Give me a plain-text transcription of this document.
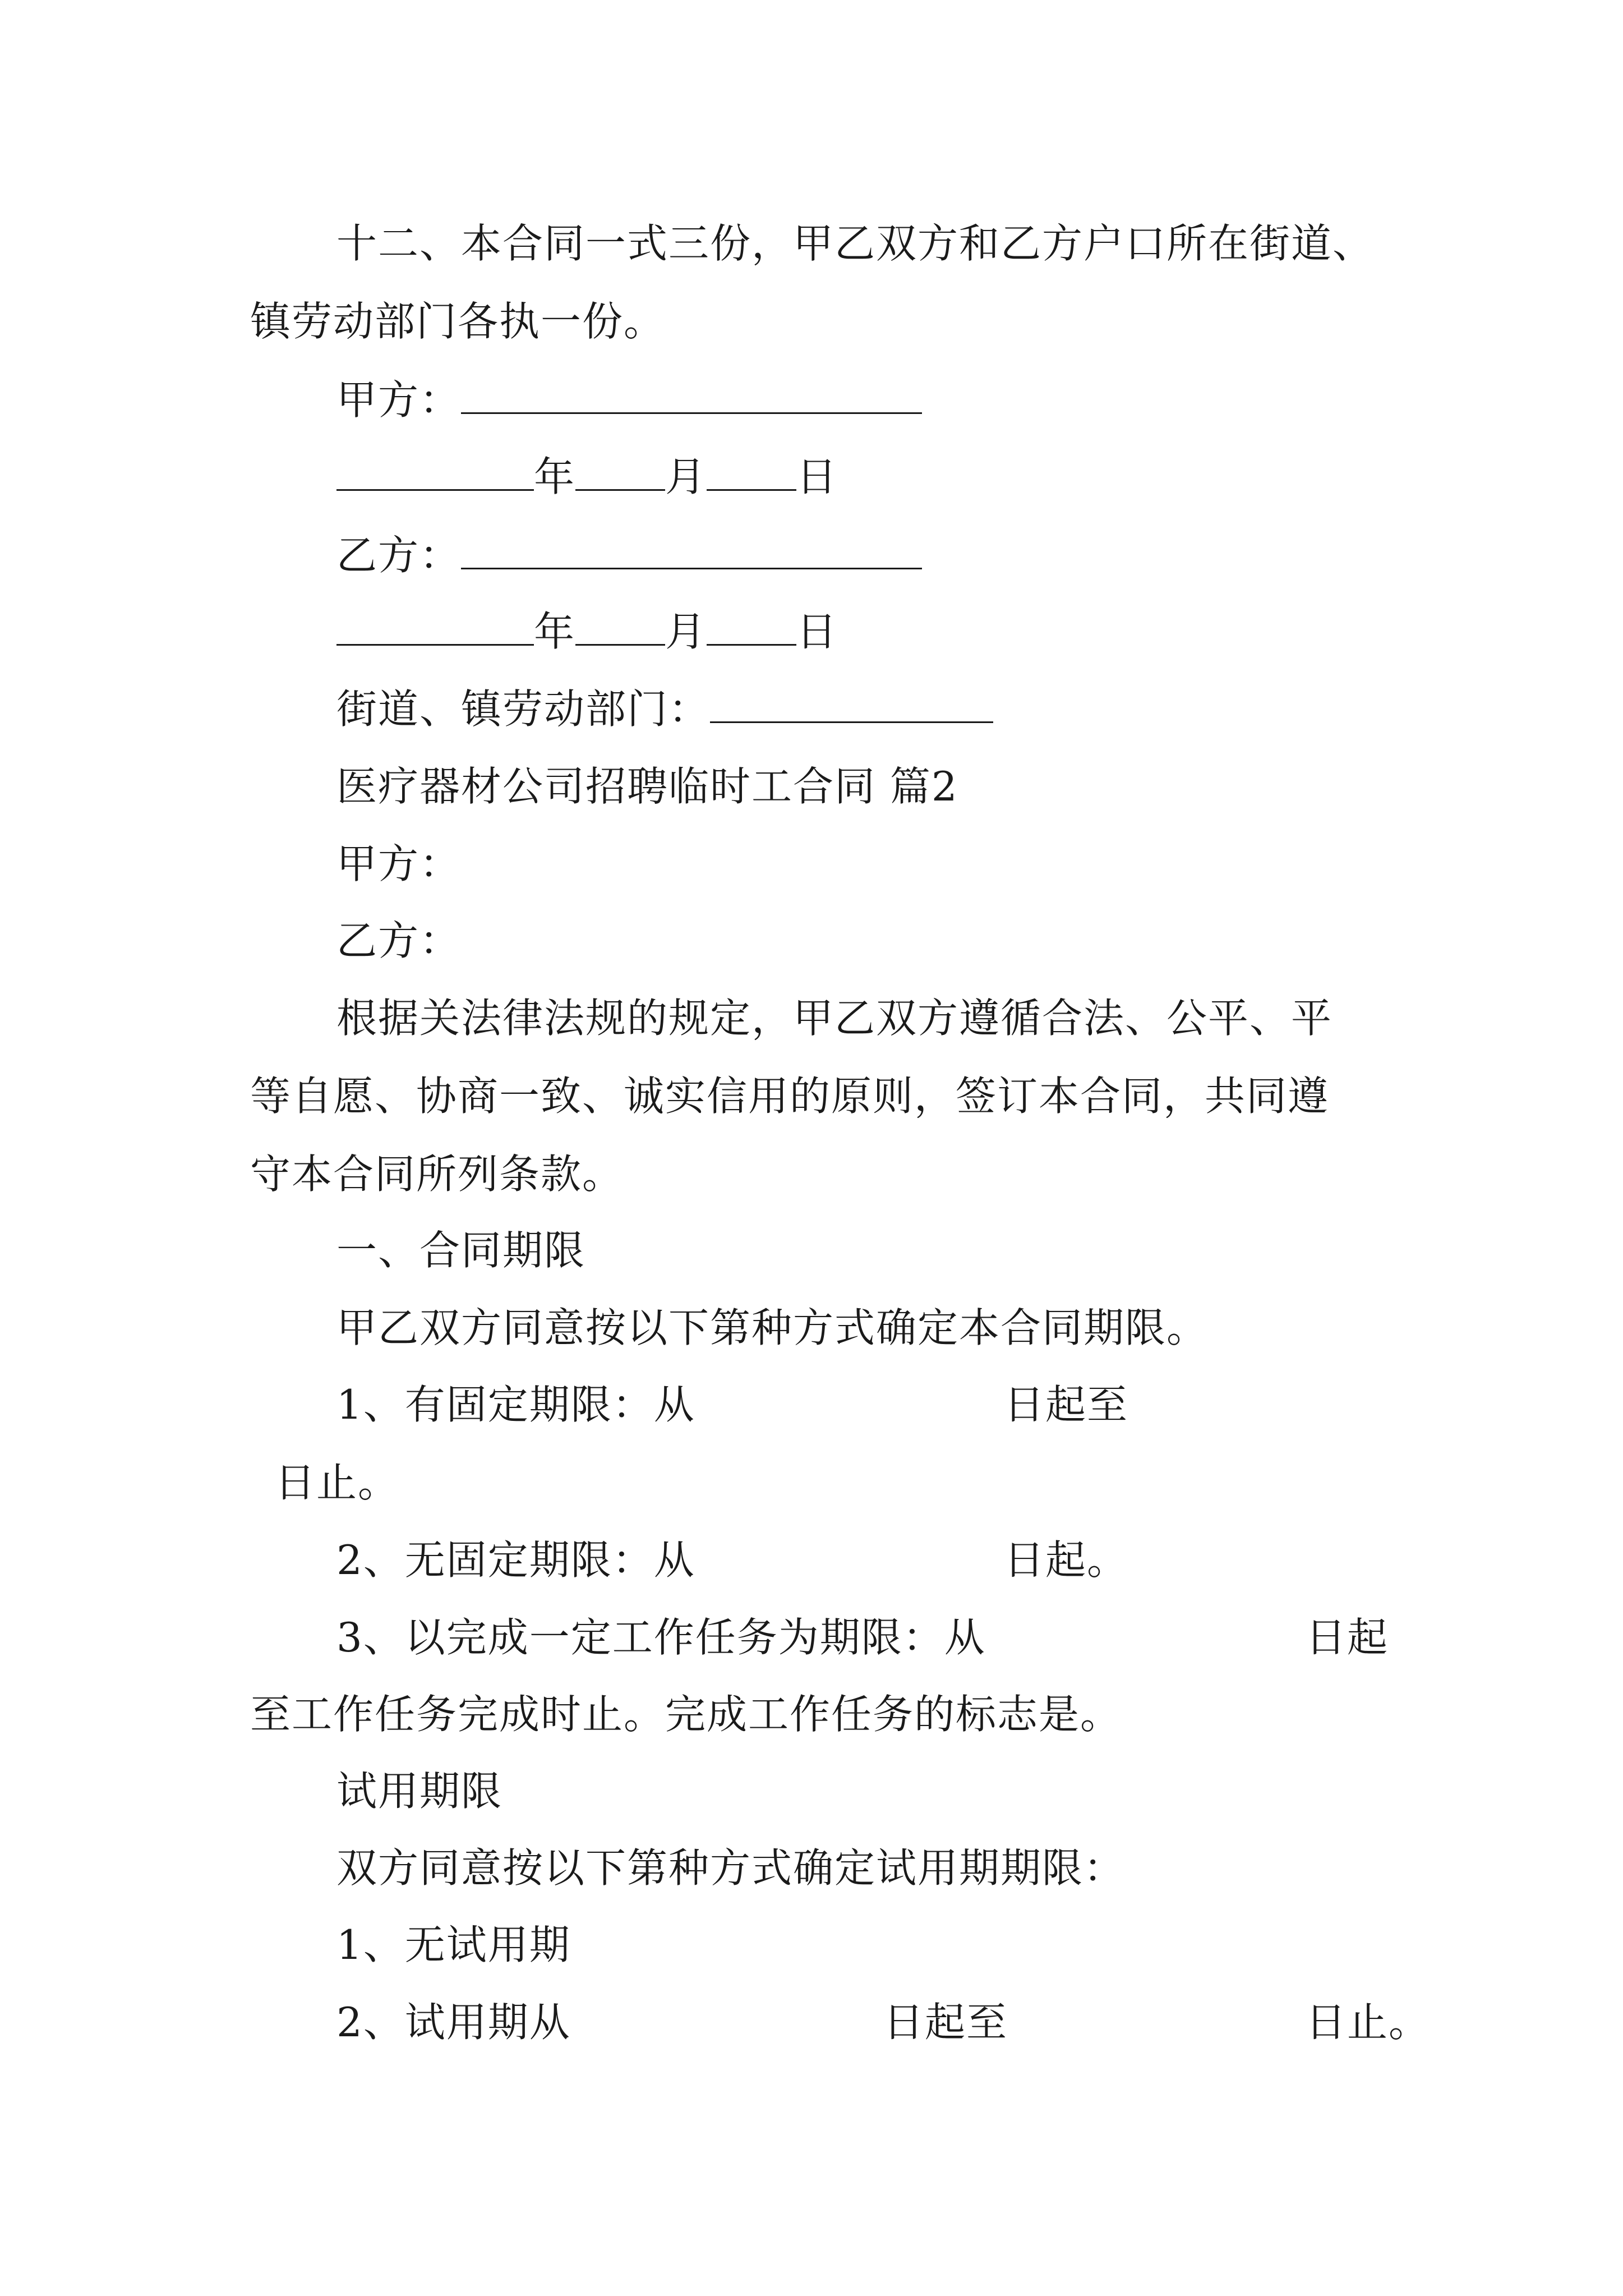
十二、本合同一式三份，甲乙双方和乙方户口所在街道、
镇劳动部门各执一份。
甲方：
年 月 日
乙方：
年 月 日
街道、镇劳动部门：
医疗器材公司招聘临时工合同 篇2
甲方：
乙方：
根据关法律法规的规定，甲乙双方遵循合法、公平、平
等自愿、协商一致、诚实信用的原则，签订本合同，共同遵
守本合同所列条款。
一、合同期限
甲乙双方同意按以下第种方式确定本合同期限。
1、有固定期限：从	日起至
日止。
2、无固定期限：从	日起。
3、以完成一定工作任务为期限：从	日起
至工作任务完成时止。完成工作任务的标志是。
试用期限
双方同意按以下第种方式确定试用期期限：
1、无试用期
2、试用期从	日起至	日止。
